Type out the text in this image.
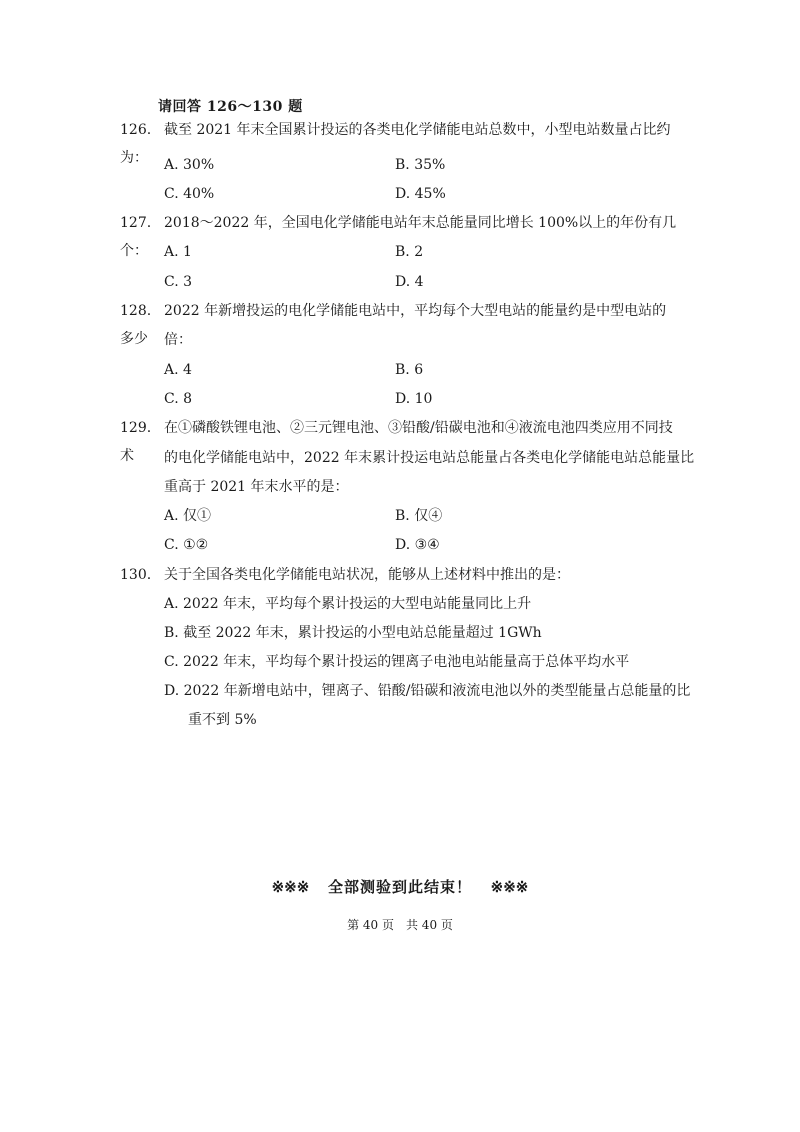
请回答 126～130 题
126. 截至 2021 年末全国累计投运的各类电化学储能电站总数中，小型电站数量占比约为：	A. 30%	B. 35%
C. 40%	D. 45%
127. 2018～2022 年，全国电化学储能电站年末总能量同比增长 100%以上的年份有几个：	A. 1	B. 2
C. 3	D. 4
128. 2022 年新增投运的电化学储能电站中，平均每个大型电站的能量约是中型电站的多少	倍：
A. 4	B. 6
C. 8	D. 10
129. 在①磷酸铁锂电池、②三元锂电池、③铅酸/铅碳电池和④液流电池四类应用不同技术	的电化学储能电站中，2022 年末累计投运电站总能量占各类电化学储能电站总能量比
重高于 2021 年末水平的是：
A. 仅①	B. 仅④
C. ①②	D. ③④
130. 关于全国各类电化学储能电站状况，能够从上述材料中推出的是：
A. 2022 年末，平均每个累计投运的大型电站能量同比上升
B. 截至 2022 年末，累计投运的小型电站总能量超过 1GWh
C. 2022 年末，平均每个累计投运的锂离子电池电站能量高于总体平均水平
D. 2022 年新增电站中，锂离子、铅酸/铅碳和液流电池以外的类型能量占总能量的比
重不到 5%
※※※ 全部测验到此结束！ ※※※
第 40 页　共 40 页
